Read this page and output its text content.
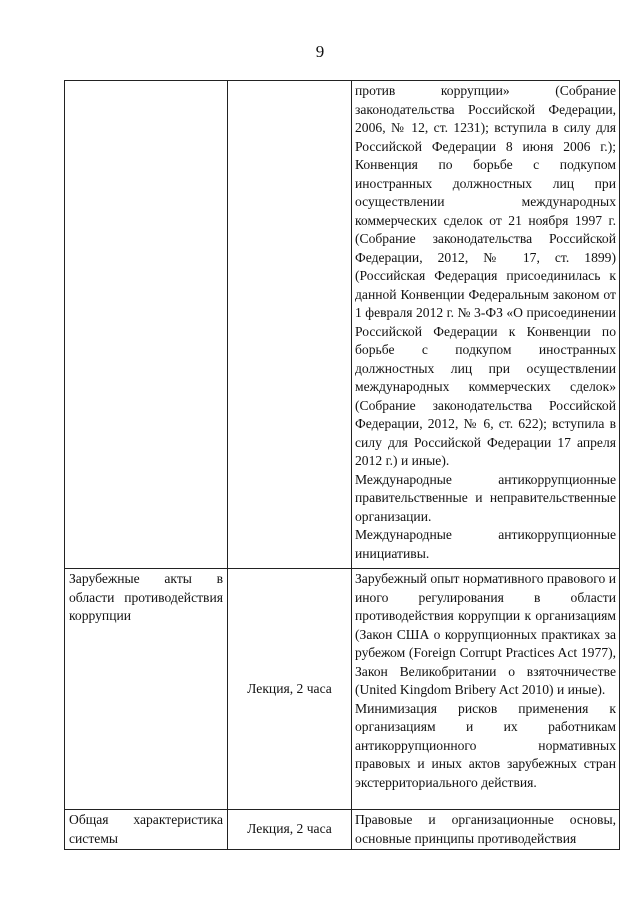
9

		против коррупции» (Собрание законодательства Российской Федерации, 2006, № 12, ст. 1231); вступила в силу для Российской Федерации 8 июня 2006 г.); Конвенция по борьбе с подкупом иностранных должностных лиц при осуществлении международных коммерческих сделок от 21 ноября 1997 г. (Собрание законодательства Российской Федерации, 2012, № 17, ст. 1899) (Российская Федерация присоединилась к данной Конвенции Федеральным законом от 1 февраля 2012 г. № 3-ФЗ «О присоединении Российской Федерации к Конвенции по борьбе с подкупом иностранных должностных лиц при осуществлении международных коммерческих сделок» (Собрание законодательства Российской Федерации, 2012, № 6, ст. 622); вступила в силу для Российской Федерации 17 апреля 2012 г.) и иные).

Международные антикоррупционные правительственные и неправительственные организации.

Международные антикоррупционные инициативы.

Зарубежные акты в области противодействия коррупции	Лекция, 2 часа	Зарубежный опыт нормативного правового и иного регулирования в области противодействия коррупции к организациям (Закон США о коррупционных практиках за рубежом (Foreign Corrupt Practices Act 1977), Закон Великобритании о взяточничестве (United Kingdom Bribery Act 2010) и иные).

Минимизация рисков применения к организациям и их работникам антикоррупционного нормативных правовых и иных актов зарубежных стран экстерриториального действия.

Общая характеристика системы	Лекция, 2 часа	Правовые и организационные основы, основные принципы противодействия
